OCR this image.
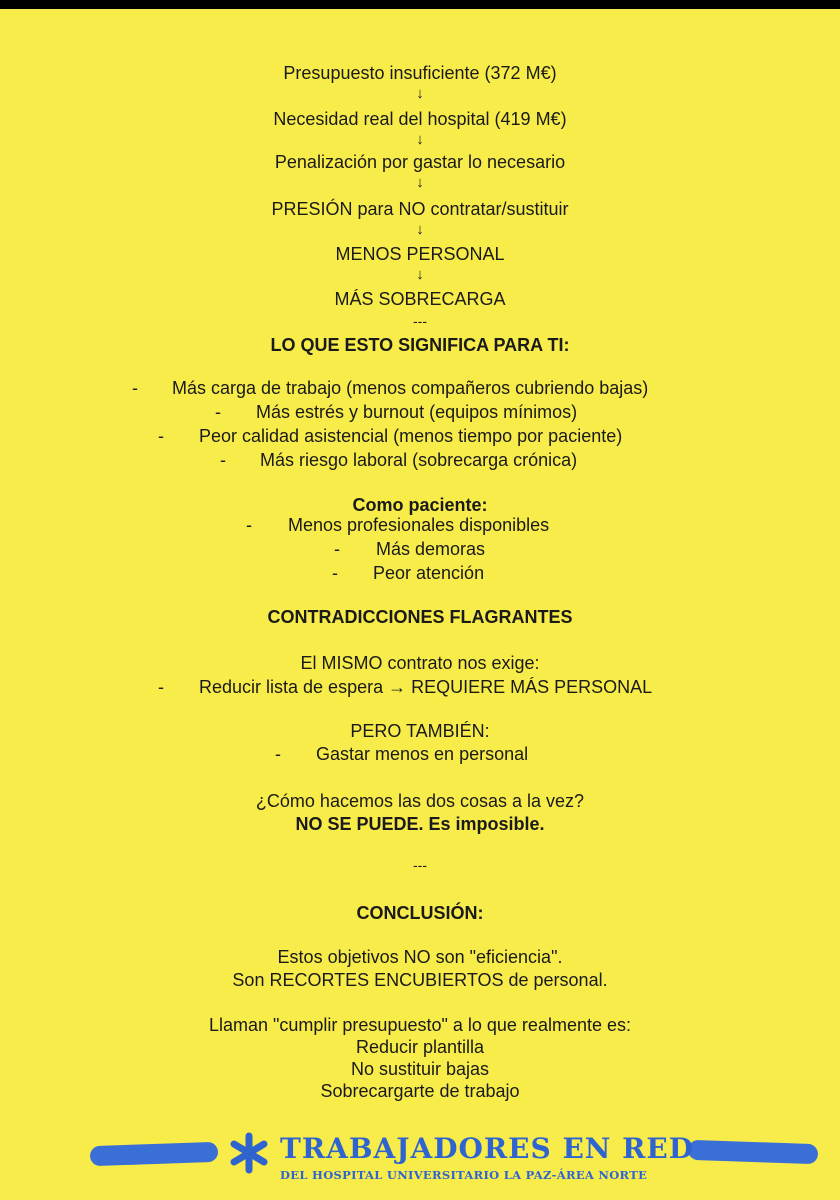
Presupuesto insuficiente (372 M€)
↓
Necesidad real del hospital (419 M€)
↓
Penalización por gastar lo necesario
↓
PRESIÓN para NO contratar/sustituir
↓
MENOS PERSONAL
↓
MÁS SOBRECARGA
---
LO QUE ESTO SIGNIFICA PARA TI:
- Más carga de trabajo (menos compañeros cubriendo bajas)
- Más estrés y burnout (equipos mínimos)
- Peor calidad asistencial (menos tiempo por paciente)
- Más riesgo laboral (sobrecarga crónica)
Como paciente:
- Menos profesionales disponibles
- Más demoras
- Peor atención
CONTRADICCIONES FLAGRANTES
El MISMO contrato nos exige:
- Reducir lista de espera → REQUIERE MÁS PERSONAL
PERO TAMBIÉN:
- Gastar menos en personal
¿Cómo hacemos las dos cosas a la vez?
NO SE PUEDE. Es imposible.
---
CONCLUSIÓN:
Estos objetivos NO son "eficiencia".
Son RECORTES ENCUBIERTOS de personal.
Llaman "cumplir presupuesto" a lo que realmente es:
Reducir plantilla
No sustituir bajas
Sobrecargarte de trabajo
TRABAJADORES EN RED
DEL HOSPITAL UNIVERSITARIO LA PAZ-ÁREA NORTE
